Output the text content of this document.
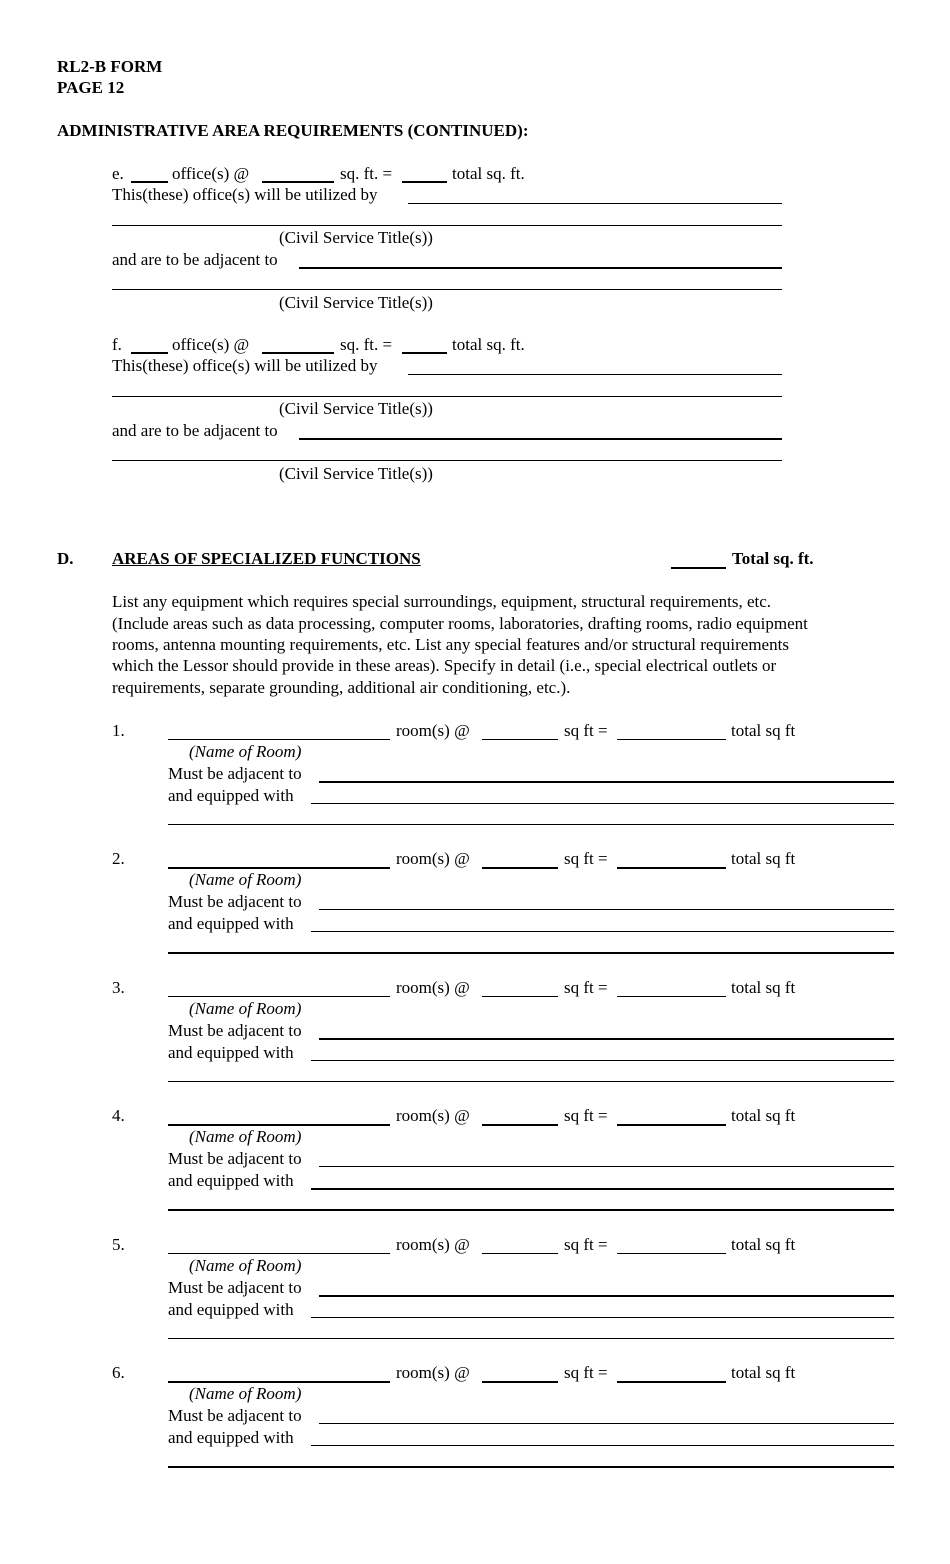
RL2-B FORM
PAGE 12
ADMINISTRATIVE AREA REQUIREMENTS (CONTINUED):
e.	office(s) @	sq. ft. =	total sq. ft.
This(these) office(s) will be utilized by
(Civil Service Title(s))
and are to be adjacent to
(Civil Service Title(s))
f.	office(s) @	sq. ft. =	total sq. ft.
This(these) office(s) will be utilized by
(Civil Service Title(s))
and are to be adjacent to
(Civil Service Title(s))
D. AREAS OF SPECIALIZED FUNCTIONS	Total sq. ft.
List any equipment which requires special surroundings, equipment, structural requirements, etc.
(Include areas such as data processing, computer rooms, laboratories, drafting rooms, radio equipment
rooms, antenna mounting requirements, etc. List any special features and/or structural requirements
which the Lessor should provide in these areas). Specify in detail (i.e., special electrical outlets or
requirements, separate grounding, additional air conditioning, etc.).
1.	room(s) @	sq ft =	total sq ft
(Name of Room)
Must be adjacent to
and equipped with
2.	room(s) @	sq ft =	total sq ft
(Name of Room)
Must be adjacent to
and equipped with
3.	room(s) @	sq ft =	total sq ft
(Name of Room)
Must be adjacent to
and equipped with
4.	room(s) @	sq ft =	total sq ft
(Name of Room)
Must be adjacent to
and equipped with
5.	room(s) @	sq ft =	total sq ft
(Name of Room)
Must be adjacent to
and equipped with
6.	room(s) @	sq ft =	total sq ft
(Name of Room)
Must be adjacent to
and equipped with
